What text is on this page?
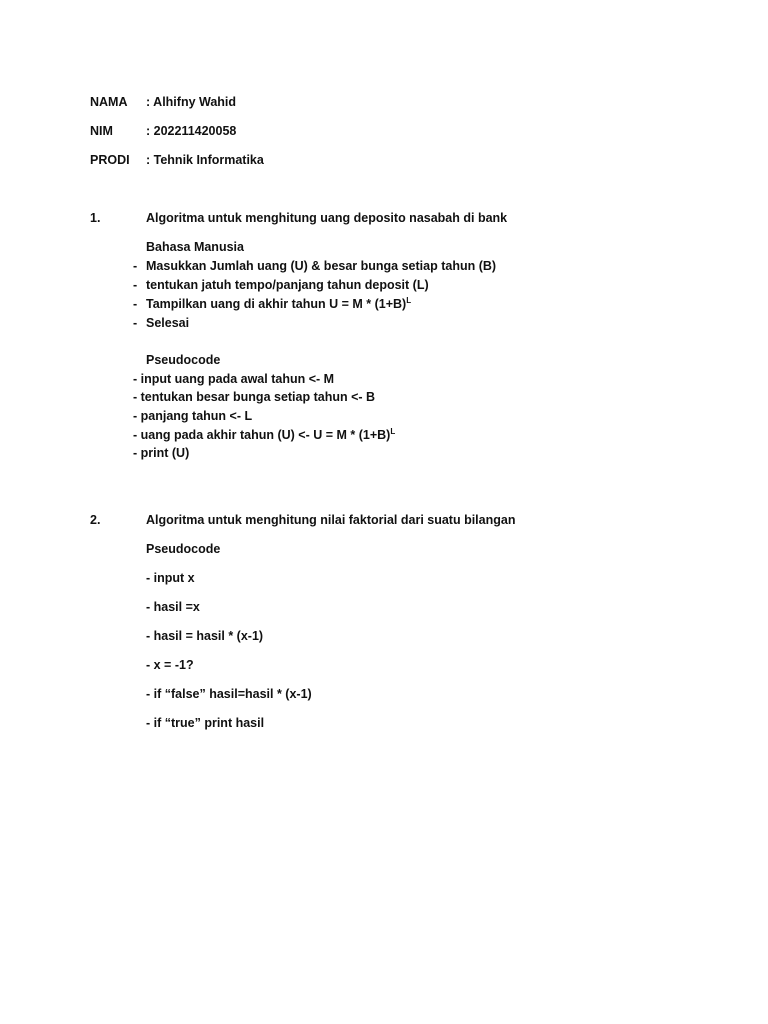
NAMA : Alhifny Wahid
NIM	: 202211420058
PRODI : Tehnik Informatika
1.	Algoritma untuk menghitung uang deposito nasabah di bank
Bahasa Manusia
- Masukkan Jumlah uang (U) & besar bunga setiap tahun (B)
- tentukan jatuh tempo/panjang tahun deposit (L)
- Tampilkan uang di akhir tahun $U = M * (1+B)^L$
- Selesai
Pseudocode
- input uang pada awal tahun <- M
- tentukan besar bunga setiap tahun <- B
- panjang tahun <- L
- uang pada akhir tahun $(U) <- U = M * (1+B)^L$
- print (U)
2.	Algoritma untuk menghitung nilai faktorial dari suatu bilangan
Pseudocode
- input x
- hasil =x
- hasil = hasil * (x-1)
- x = -1?
- if “false” hasil=hasil * (x-1)
- if “true” print hasil
